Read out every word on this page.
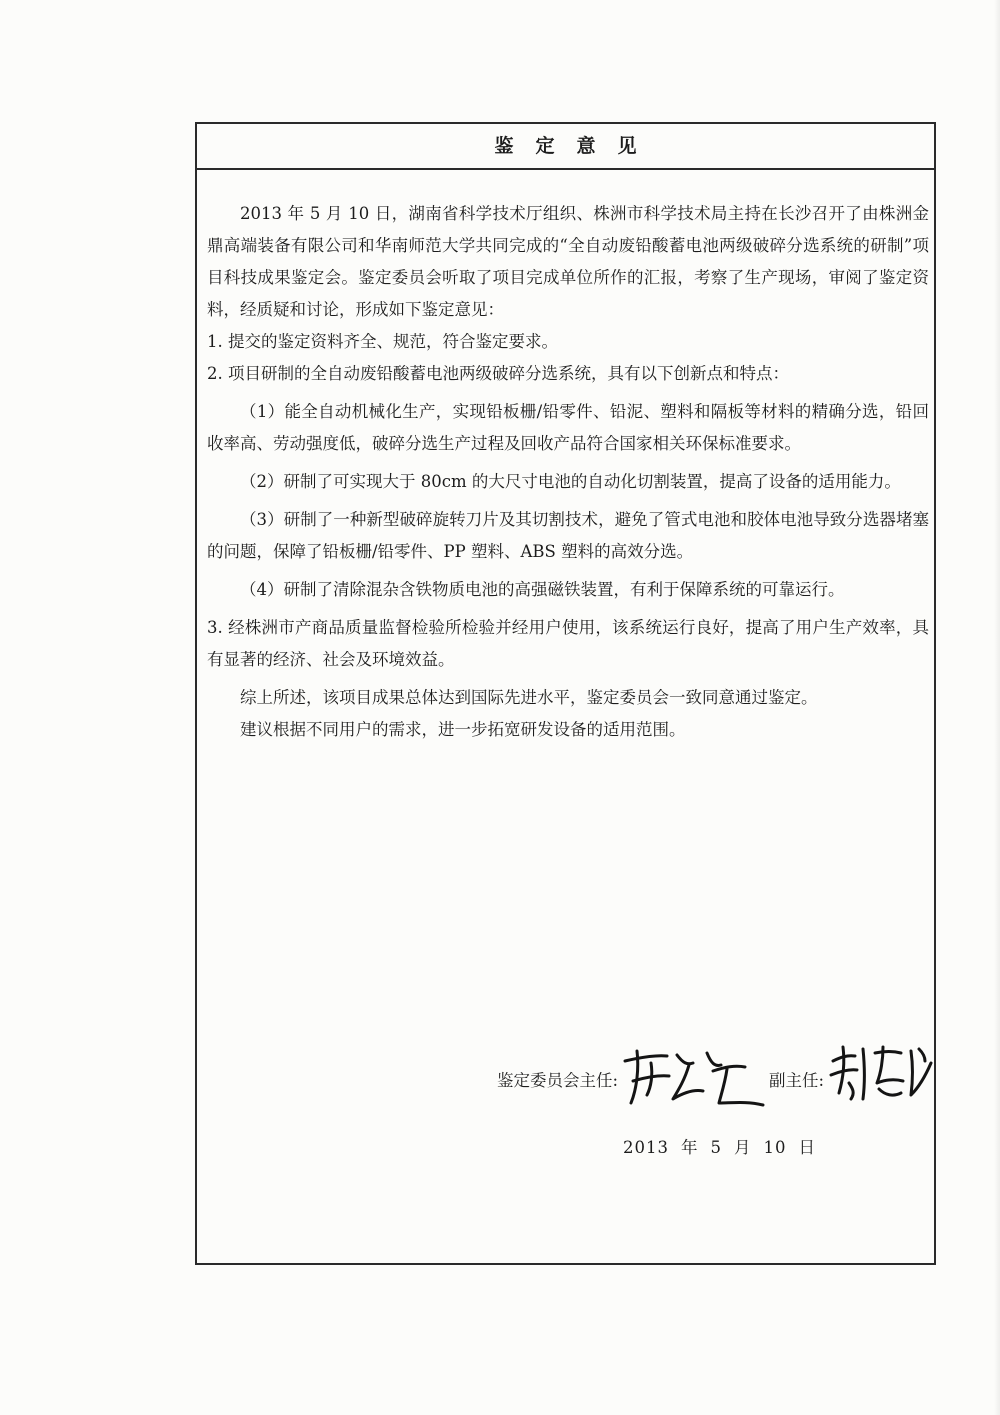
鉴定意见

2013 年 5 月 10 日，湖南省科学技术厅组织、株洲市科学技术局主持在长沙召开了由株洲金鼎高端装备有限公司和华南师范大学共同完成的“全自动废铅酸蓄电池两级破碎分选系统的研制”项目科技成果鉴定会。鉴定委员会听取了项目完成单位所作的汇报，考察了生产现场，审阅了鉴定资料，经质疑和讨论，形成如下鉴定意见：

1. 提交的鉴定资料齐全、规范，符合鉴定要求。

2. 项目研制的全自动废铅酸蓄电池两级破碎分选系统，具有以下创新点和特点：

（1）能全自动机械化生产，实现铅板栅/铅零件、铅泥、塑料和隔板等材料的精确分选，铅回收率高、劳动强度低，破碎分选生产过程及回收产品符合国家相关环保标准要求。

（2）研制了可实现大于 80cm 的大尺寸电池的自动化切割装置，提高了设备的适用能力。

（3）研制了一种新型破碎旋转刀片及其切割技术，避免了管式电池和胶体电池导致分选器堵塞的问题，保障了铅板栅/铅零件、PP 塑料、ABS 塑料的高效分选。

（4）研制了清除混杂含铁物质电池的高强磁铁装置，有利于保障系统的可靠运行。

3. 经株洲市产商品质量监督检验所检验并经用户使用，该系统运行良好，提高了用户生产效率，具有显著的经济、社会及环境效益。

综上所述，该项目成果总体达到国际先进水平，鉴定委员会一致同意通过鉴定。

建议根据不同用户的需求，进一步拓宽研发设备的适用范围。

鉴定委员会主任:	副主任:
2013 年 5 月 10 日
